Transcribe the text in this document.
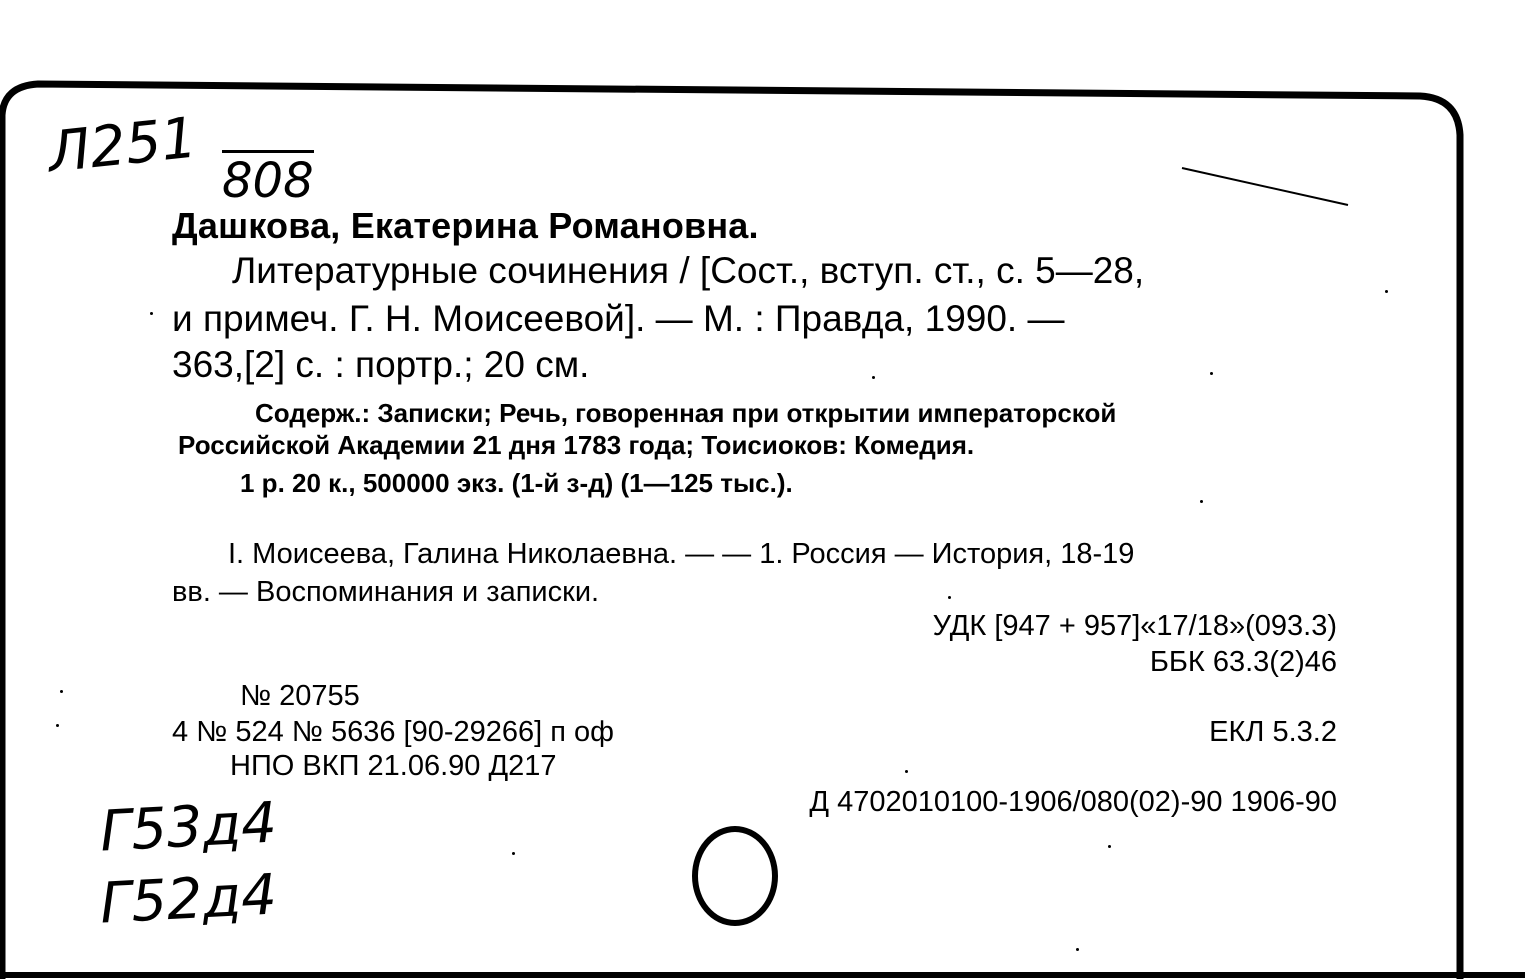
Л251 808
Дашкова, Екатерина Романовна.
Литературные сочинения / [Сост., вступ. ст., с. 5—28,
и примеч. Г. Н. Моисеевой]. — М. : Правда, 1990. —
363,[2] с. : портр.; 20 см.
Содерж.: Записки; Речь, говоренная при открытии императорской
Российской Академии 21 дня 1783 года; Тоисиоков: Комедия.
1 р. 20 к., 500000 экз. (1-й з-д) (1—125 тыс.).
I. Моисеева, Галина Николаевна. — — 1. Россия — История, 18-19
вв. — Воспоминания и записки.
УДК [947 + 957]«17/18»(093.3)
ББК 63.3(2)46
№ 20755
4 № 524 № 5636 [90-29266] п оф	ЕКЛ 5.3.2
НПО ВКП 21.06.90 Д217
Д 4702010100-1906/080(02)-90 1906-90
Г53д4
Г52д4
